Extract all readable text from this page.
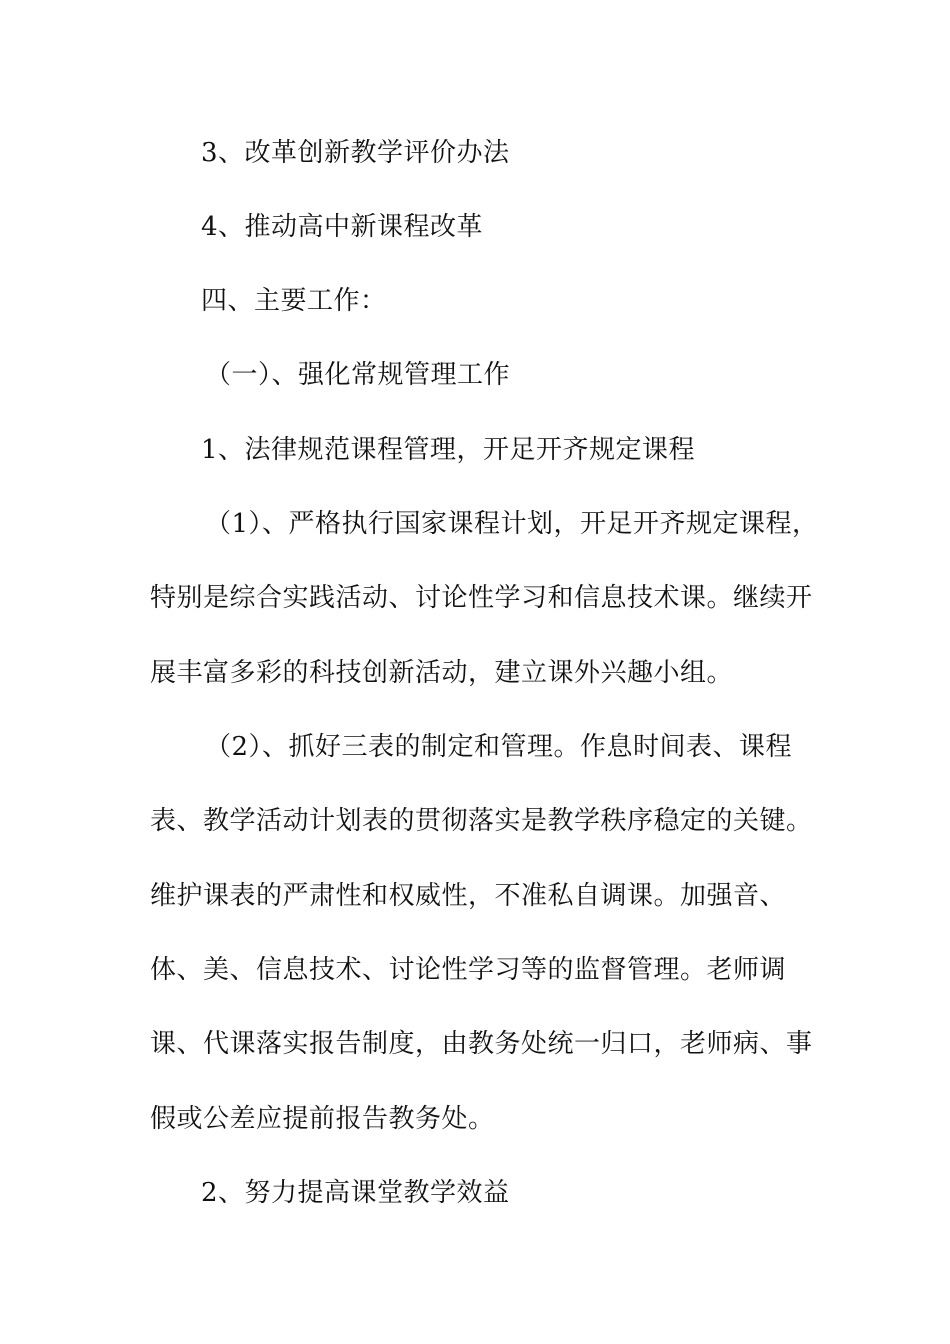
3、改革创新教学评价办法
4、推动高中新课程改革
四、主要工作：
（一）、强化常规管理工作
1、法律规范课程管理，开足开齐规定课程
（1）、严格执行国家课程计划，开足开齐规定课程，
特别是综合实践活动、讨论性学习和信息技术课。继续开
展丰富多彩的科技创新活动，建立课外兴趣小组。
（2）、抓好三表的制定和管理。作息时间表、课程
表、教学活动计划表的贯彻落实是教学秩序稳定的关键。
维护课表的严肃性和权威性，不准私自调课。加强音、
体、美、信息技术、讨论性学习等的监督管理。老师调
课、代课落实报告制度，由教务处统一归口，老师病、事
假或公差应提前报告教务处。
2、努力提高课堂教学效益
